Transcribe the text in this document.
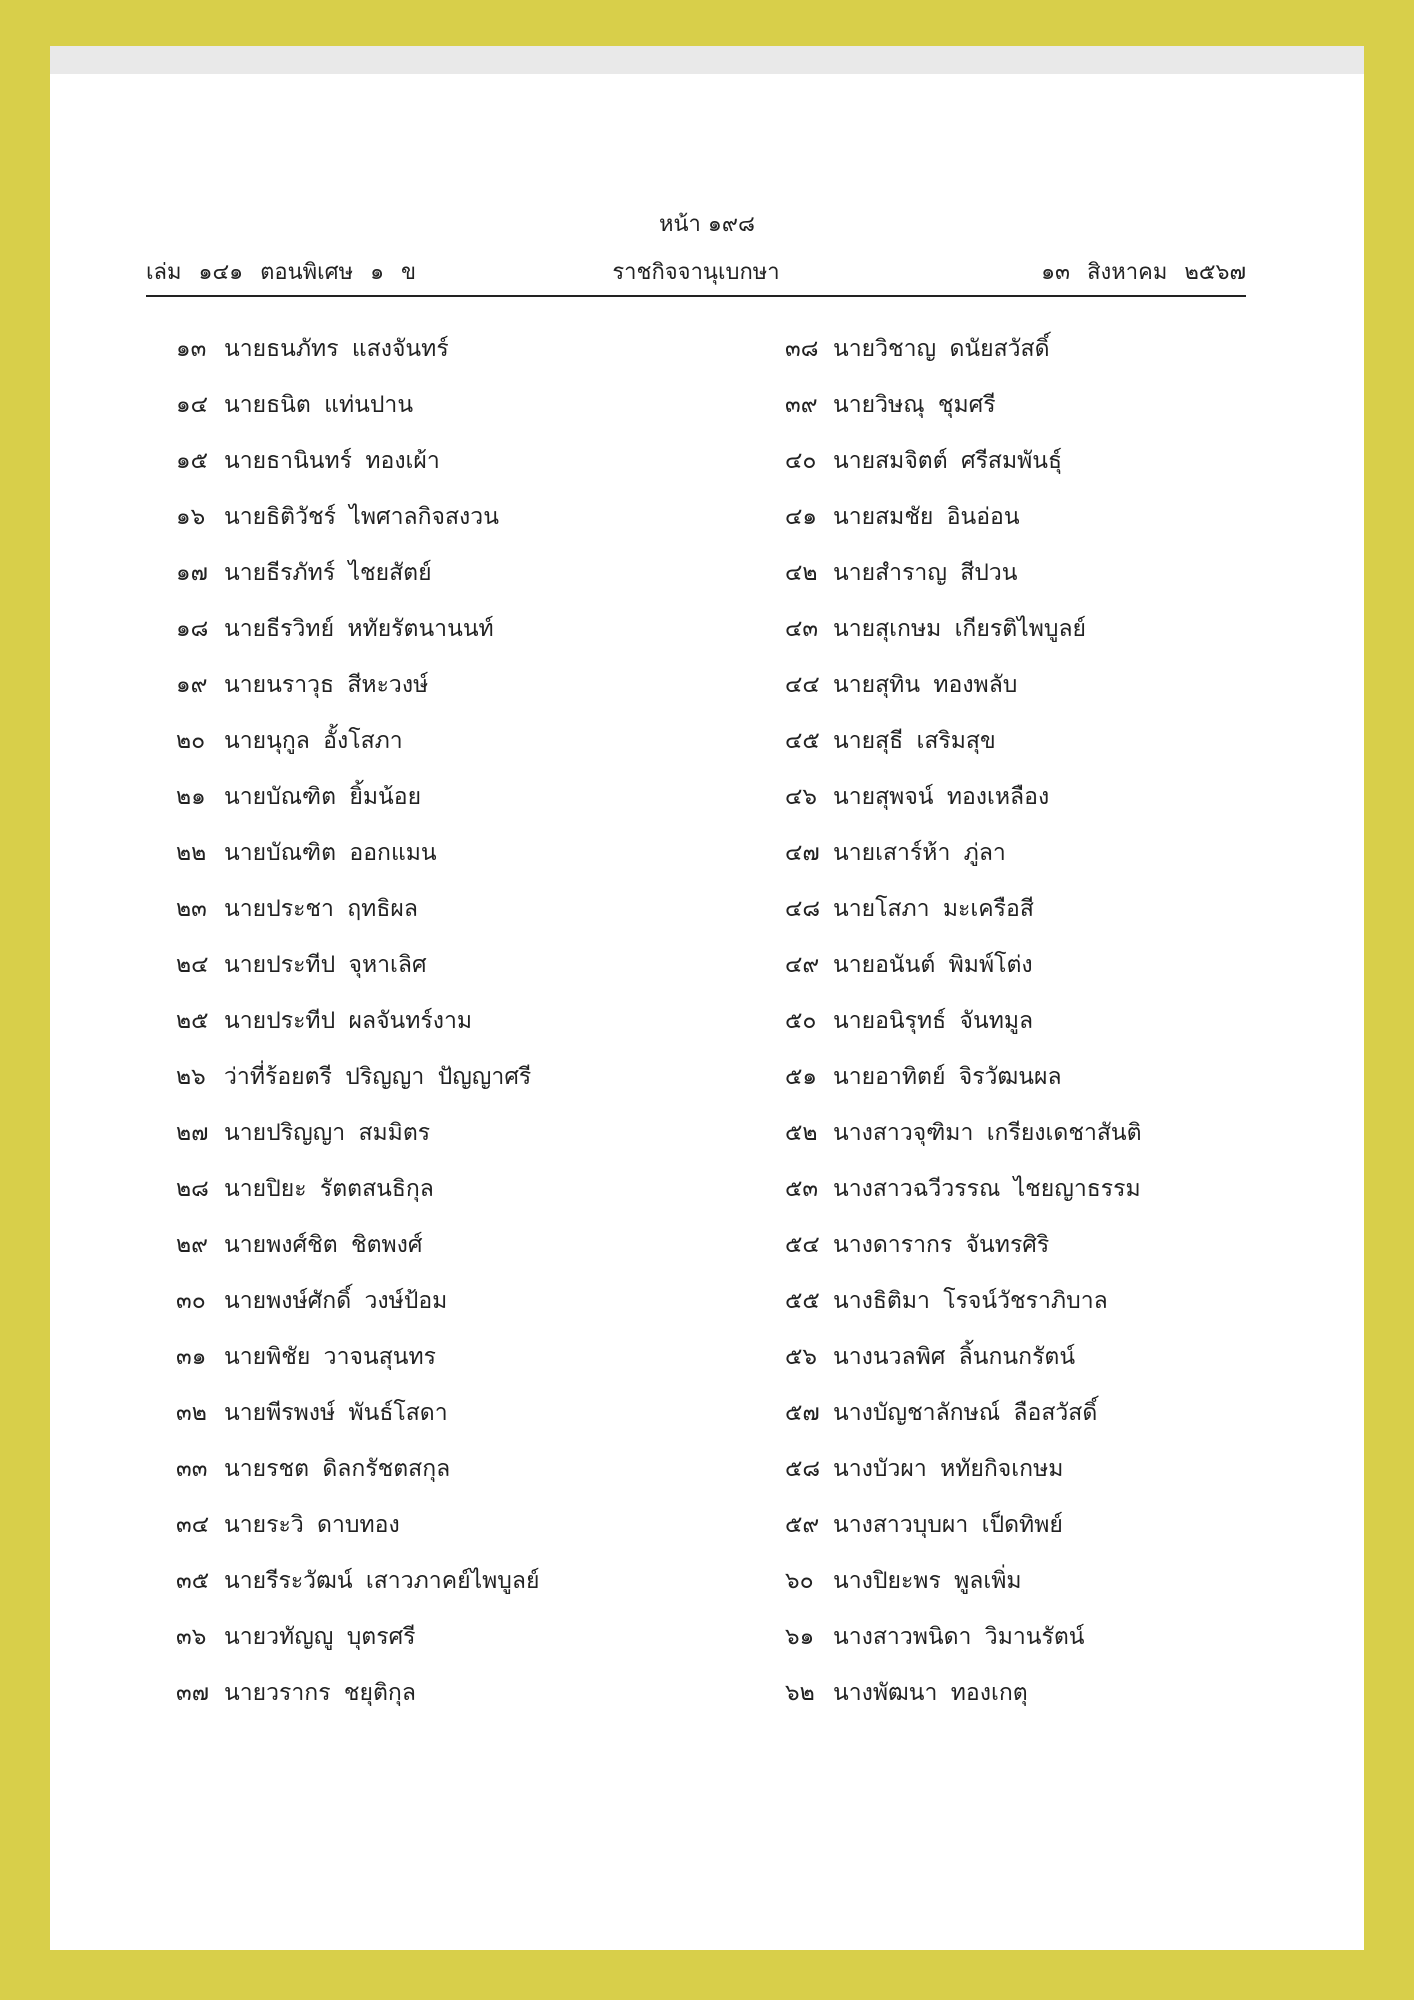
หน้า ๑๙๘
เล่ม ๑๔๑ ตอนพิเศษ ๑ ข	ราชกิจจานุเบกษา	๑๓ สิงหาคม ๒๕๖๗
๑๓ นายธนภัทร แสงจันทร์
๑๔ นายธนิต แท่นปาน
๑๕ นายธานินทร์ ทองเผ้า
๑๖ นายธิติวัชร์ ไพศาลกิจสงวน
๑๗ นายธีรภัทร์ ไชยสัตย์
๑๘ นายธีรวิทย์ หทัยรัตนานนท์
๑๙ นายนราวุธ สีหะวงษ์
๒๐ นายนุกูล อั้งโสภา
๒๑ นายบัณฑิต ยิ้มน้อย
๒๒ นายบัณฑิต ออกแมน
๒๓ นายประชา ฤทธิผล
๒๔ นายประทีป จุหาเลิศ
๒๕ นายประทีป ผลจันทร์งาม
๒๖ ว่าที่ร้อยตรี ปริญญา ปัญญาศรี
๒๗ นายปริญญา สมมิตร
๒๘ นายปิยะ รัตตสนธิกุล
๒๙ นายพงศ์ชิต ชิตพงศ์
๓๐ นายพงษ์ศักดิ์ วงษ์ป้อม
๓๑ นายพิชัย วาจนสุนทร
๓๒ นายพีรพงษ์ พันธ์โสดา
๓๓ นายรชต ดิลกรัชตสกุล
๓๔ นายระวิ ดาบทอง
๓๕ นายรีระวัฒน์ เสาวภาคย์ไพบูลย์
๓๖ นายวทัญญู บุตรศรี
๓๗ นายวรากร ชยุติกุล
๓๘ นายวิชาญ ดนัยสวัสดิ์
๓๙ นายวิษณุ ชุมศรี
๔๐ นายสมจิตต์ ศรีสมพันธุ์
๔๑ นายสมชัย อินอ่อน
๔๒ นายสำราญ สีปวน
๔๓ นายสุเกษม เกียรติไพบูลย์
๔๔ นายสุทิน ทองพลับ
๔๕ นายสุธี เสริมสุข
๔๖ นายสุพจน์ ทองเหลือง
๔๗ นายเสาร์ห้า ภู่ลา
๔๘ นายโสภา มะเครือสี
๔๙ นายอนันต์ พิมพ์โต่ง
๕๐ นายอนิรุทธ์ จันทมูล
๕๑ นายอาทิตย์ จิรวัฒนผล
๕๒ นางสาวจุฑิมา เกรียงเดชาสันติ
๕๓ นางสาวฉวีวรรณ ไชยญาธรรม
๕๔ นางดารากร จันทรศิริ
๕๕ นางธิติมา โรจน์วัชราภิบาล
๕๖ นางนวลพิศ ลิ้นกนกรัตน์
๕๗ นางบัญชาลักษณ์ ลือสวัสดิ์
๕๘ นางบัวผา หทัยกิจเกษม
๕๙ นางสาวบุบผา เป็ดทิพย์
๖๐ นางปิยะพร พูลเพิ่ม
๖๑ นางสาวพนิดา วิมานรัตน์
๖๒ นางพัฒนา ทองเกตุ
